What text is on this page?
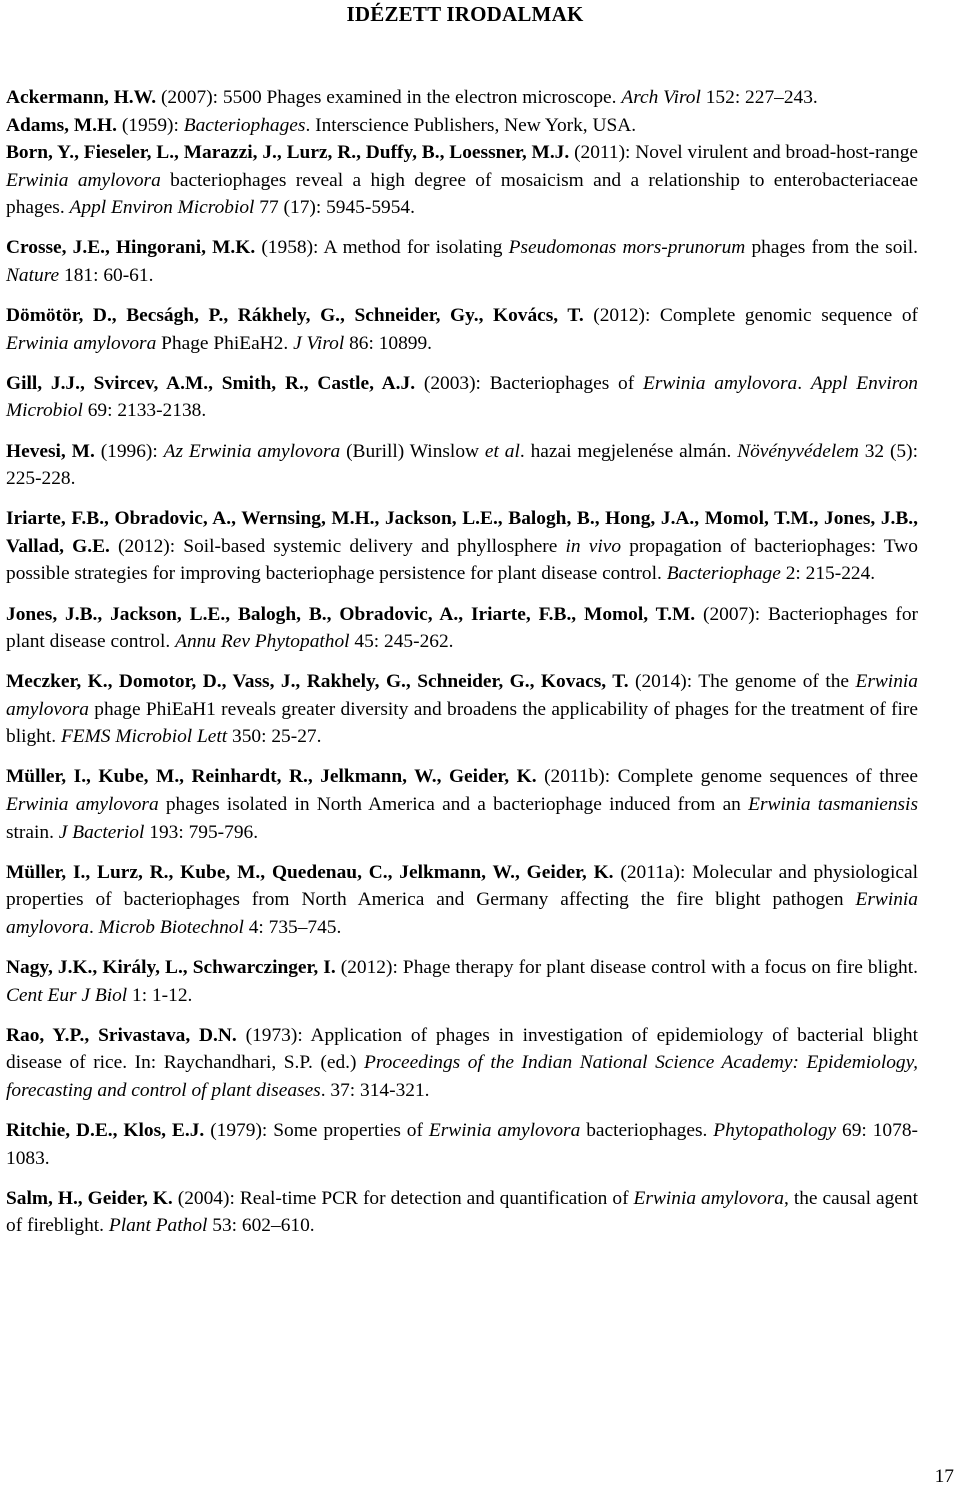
IDÉZETT IRODALMAK

Ackermann, H.W. (2007): 5500 Phages examined in the electron microscope. Arch Virol 152: 227–243.

Adams, M.H. (1959): Bacteriophages. Interscience Publishers, New York, USA.

Born, Y., Fieseler, L., Marazzi, J., Lurz, R., Duffy, B., Loessner, M.J. (2011): Novel virulent and broad-host-range Erwinia amylovora bacteriophages reveal a high degree of mosaicism and a relationship to enterobacteriaceae phages. Appl Environ Microbiol 77 (17): 5945-5954.

Crosse, J.E., Hingorani, M.K. (1958): A method for isolating Pseudomonas mors-prunorum phages from the soil. Nature 181: 60-61.

Dömötör, D., Becságh, P., Rákhely, G., Schneider, Gy., Kovács, T. (2012): Complete genomic sequence of Erwinia amylovora Phage PhiEaH2. J Virol 86: 10899.

Gill, J.J., Svircev, A.M., Smith, R., Castle, A.J. (2003): Bacteriophages of Erwinia amylovora. Appl Environ Microbiol 69: 2133-2138.

Hevesi, M. (1996): Az Erwinia amylovora (Burill) Winslow et al. hazai megjelenése almán. Növényvédelem 32 (5): 225-228.

Iriarte, F.B., Obradovic, A., Wernsing, M.H., Jackson, L.E., Balogh, B., Hong, J.A., Momol, T.M., Jones, J.B., Vallad, G.E. (2012): Soil-based systemic delivery and phyllosphere in vivo propagation of bacteriophages: Two possible strategies for improving bacteriophage persistence for plant disease control. Bacteriophage 2: 215-224.

Jones, J.B., Jackson, L.E., Balogh, B., Obradovic, A., Iriarte, F.B., Momol, T.M. (2007): Bacteriophages for plant disease control. Annu Rev Phytopathol 45: 245-262.

Meczker, K., Domotor, D., Vass, J., Rakhely, G., Schneider, G., Kovacs, T. (2014): The genome of the Erwinia amylovora phage PhiEaH1 reveals greater diversity and broadens the applicability of phages for the treatment of fire blight. FEMS Microbiol Lett 350: 25-27.

Müller, I., Kube, M., Reinhardt, R., Jelkmann, W., Geider, K. (2011b): Complete genome sequences of three Erwinia amylovora phages isolated in North America and a bacteriophage induced from an Erwinia tasmaniensis strain. J Bacteriol 193: 795-796.

Müller, I., Lurz, R., Kube, M., Quedenau, C., Jelkmann, W., Geider, K. (2011a): Molecular and physiological properties of bacteriophages from North America and Germany affecting the fire blight pathogen Erwinia amylovora. Microb Biotechnol 4: 735–745.

Nagy, J.K., Király, L., Schwarczinger, I. (2012): Phage therapy for plant disease control with a focus on fire blight. Cent Eur J Biol 1: 1-12.

Rao, Y.P., Srivastava, D.N. (1973): Application of phages in investigation of epidemiology of bacterial blight disease of rice. In: Raychandhari, S.P. (ed.) Proceedings of the Indian National Science Academy: Epidemiology, forecasting and control of plant diseases. 37: 314-321.

Ritchie, D.E., Klos, E.J. (1979): Some properties of Erwinia amylovora bacteriophages. Phytopathology 69: 1078-1083.

Salm, H., Geider, K. (2004): Real-time PCR for detection and quantification of Erwinia amylovora, the causal agent of fireblight. Plant Pathol 53: 602–610.

17
